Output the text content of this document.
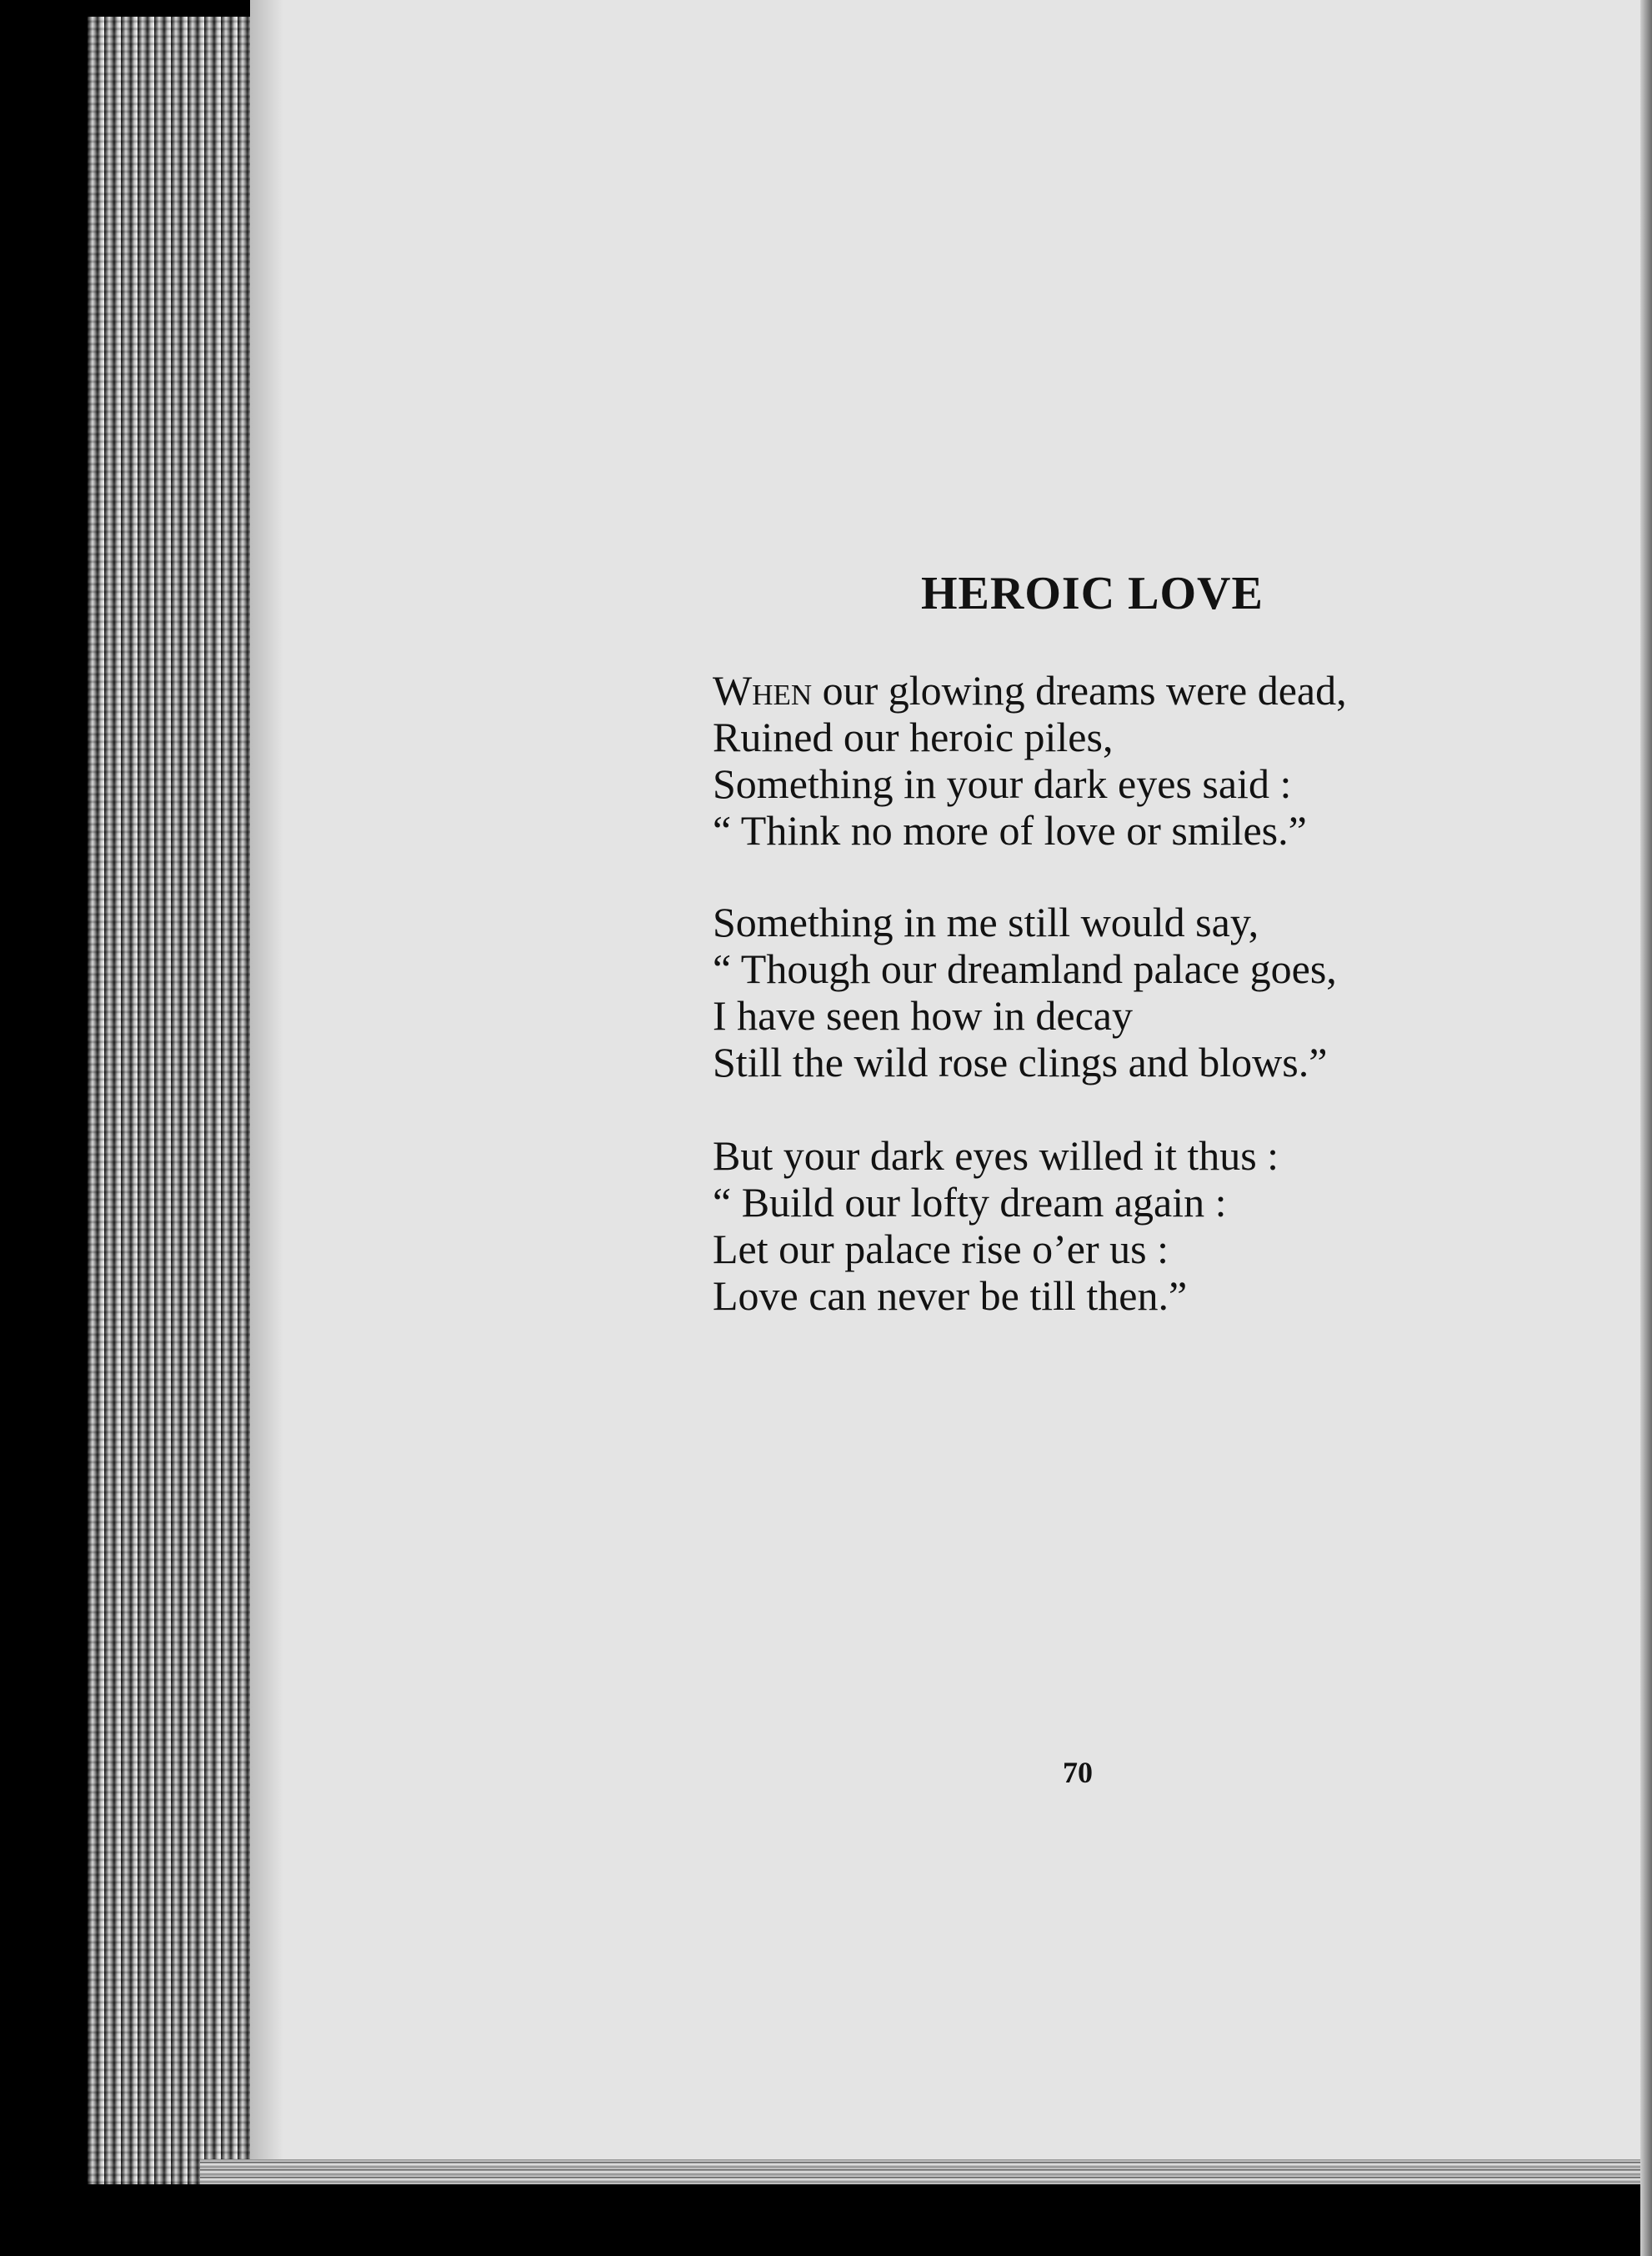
HEROIC LOVE
When our glowing dreams were dead,
Ruined our heroic piles,
Something in your dark eyes said :
“ Think no more of love or smiles.”
Something in me still would say,
“ Though our dreamland palace goes,
I have seen how in decay
Still the wild rose clings and blows.”
But your dark eyes willed it thus :
“ Build our lofty dream again :
Let our palace rise o’er us :
Love can never be till then.”
70
